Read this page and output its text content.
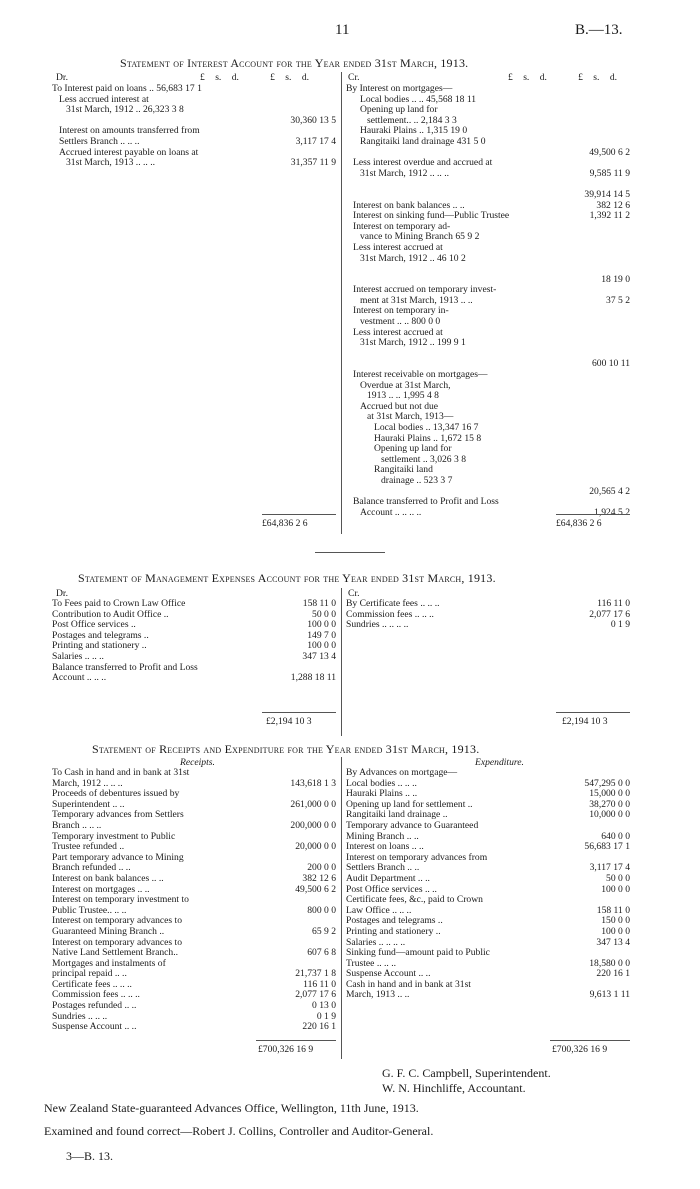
11	B.—13.
Statement of Interest Account for the Year ended 31st March, 1913.
Dr.	£ s. d.   £ s. d.	Cr.	£ s. d.   £ s. d.
To Interest paid on loans .. 56,683 17 1
Less accrued interest at
31st March, 1912 .. 26,323 3 8
30,360 13 5
Interest on amounts transferred from
Settlers Branch .. .. ..	3,117 17 4
Accrued interest payable on loans at
31st March, 1913 .. .. ..	31,357 11 9
By Interest on mortgages—
Local bodies .. .. 45,568 18 11
Opening up land for
settlement.. .. 2,184 3 3
Hauraki Plains .. 1,315 19 0
Rangitaiki land drainage 431 5 0
49,500 6 2
Less interest overdue and accrued at
31st March, 1912 .. .. ..	9,585 11 9
39,914 14 5
Interest on bank balances .. ..	382 12 6
Interest on sinking fund—Public Trustee	1,392 11 2
Interest on temporary ad-
vance to Mining Branch 65 9 2
Less interest accrued at
31st March, 1912 .. 46 10 2
18 19 0
Interest accrued on temporary invest-
ment at 31st March, 1913 .. ..	37 5 2
Interest on temporary in-
vestment .. .. 800 0 0
Less interest accrued at
31st March, 1912 .. 199 9 1
600 10 11
Interest receivable on mortgages—
Overdue at 31st March,
1913 .. .. 1,995 4 8
Accrued but not due
at 31st March, 1913—
Local bodies .. 13,347 16 7
Hauraki Plains .. 1,672 15 8
Opening up land for
settlement .. 3,026 3 8
Rangitaiki land
drainage .. 523 3 7
20,565 4 2
Balance transferred to Profit and Loss
Account .. .. .. ..	1,924 5 2
£64,836 2 6	£64,836 2 6
Statement of Management Expenses Account for the Year ended 31st March, 1913.
Dr.	Cr.
To Fees paid to Crown Law Office	158 11 0
Contribution to Audit Office ..	50 0 0
Post Office services ..	100 0 0
Postages and telegrams ..	149 7 0
Printing and stationery ..	100 0 0
Salaries .. .. ..	347 13 4
Balance transferred to Profit and Loss
Account .. .. ..	1,288 18 11
By Certificate fees .. .. ..	116 11 0
Commission fees .. .. ..	2,077 17 6
Sundries .. .. .. ..	0 1 9
£2,194 10 3	£2,194 10 3
Statement of Receipts and Expenditure for the Year ended 31st March, 1913.
Receipts.	Expenditure.
To Cash in hand and in bank at 31st
March, 1912 .. .. ..	143,618 1 3
Proceeds of debentures issued by
Superintendent .. ..	261,000 0 0
Temporary advances from Settlers
Branch .. .. ..	200,000 0 0
Temporary investment to Public
Trustee refunded ..	20,000 0 0
Part temporary advance to Mining
Branch refunded .. ..	200 0 0
Interest on bank balances .. ..	382 12 6
Interest on mortgages .. ..	49,500 6 2
Interest on temporary investment to
Public Trustee.. .. ..	800 0 0
Interest on temporary advances to
Guaranteed Mining Branch ..	65 9 2
Interest on temporary advances to
Native Land Settlement Branch..	607 6 8
Mortgages and instalments of
principal repaid .. ..	21,737 1 8
Certificate fees .. .. ..	116 11 0
Commission fees .. .. ..	2,077 17 6
Postages refunded .. ..	0 13 0
Sundries .. .. ..	0 1 9
Suspense Account .. ..	220 16 1
By Advances on mortgage—
Local bodies .. .. ..	547,295 0 0
Hauraki Plains .. ..	15,000 0 0
Opening up land for settlement ..	38,270 0 0
Rangitaiki land drainage ..	10,000 0 0
Temporary advance to Guaranteed
Mining Branch .. ..	640 0 0
Interest on loans .. ..	56,683 17 1
Interest on temporary advances from
Settlers Branch .. ..	3,117 17 4
Audit Department .. ..	50 0 0
Post Office services .. ..	100 0 0
Certificate fees, &c., paid to Crown
Law Office .. .. ..	158 11 0
Postages and telegrams ..	150 0 0
Printing and stationery ..	100 0 0
Salaries .. .. .. ..	347 13 4
Sinking fund—amount paid to Public
Trustee .. .. ..	18,580 0 0
Suspense Account .. ..	220 16 1
Cash in hand and in bank at 31st
March, 1913 .. ..	9,613 1 11
£700,326 16 9	£700,326 16 9
G. F. C. Campbell, Superintendent.
W. N. Hinchliffe, Accountant.
New Zealand State-guaranteed Advances Office, Wellington, 11th June, 1913.
Examined and found correct—Robert J. Collins, Controller and Auditor-General.
3—B. 13.
